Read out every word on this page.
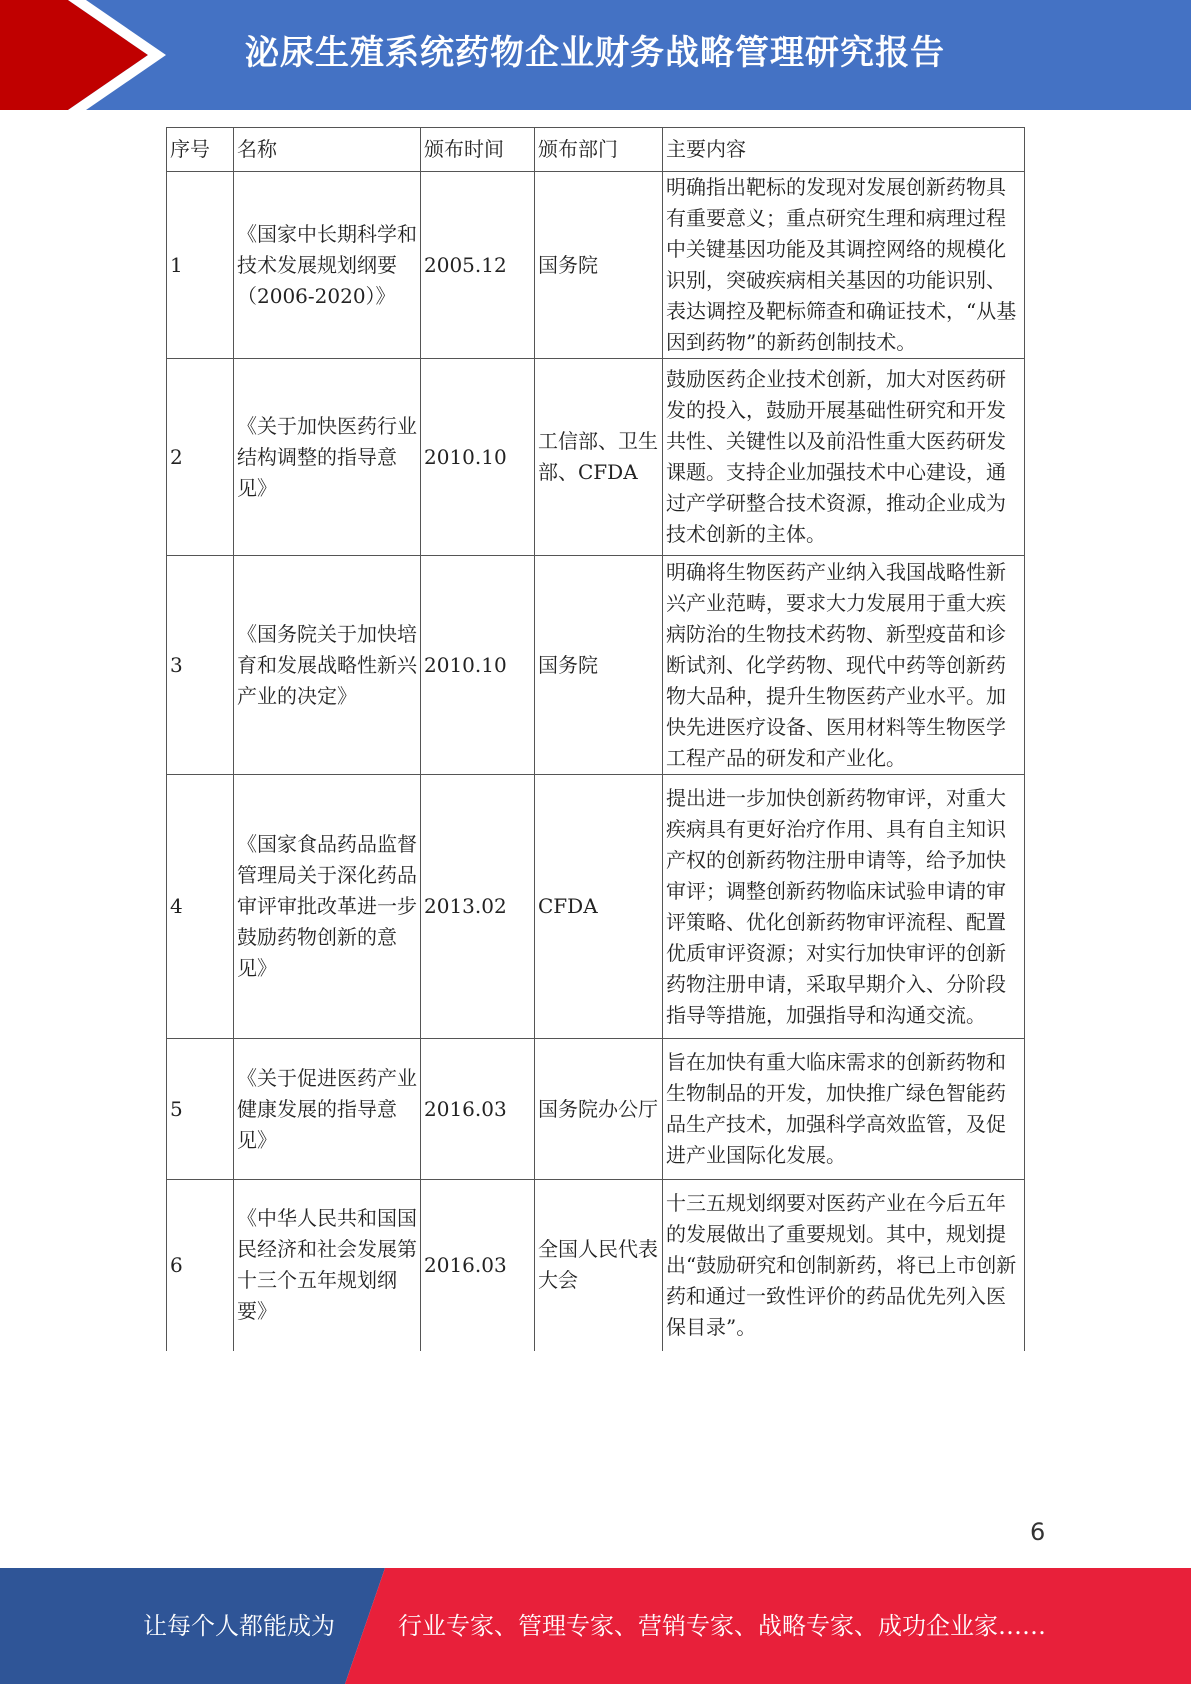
泌尿生殖系统药物企业财务战略管理研究报告
序号	名称	颁布时间	颁布部门	主要内容
1	《国家中长期科学和技术发展规划纲要（2006-2020）》	2005.12	国务院	明确指出靶标的发现对发展创新药物具有重要意义；重点研究生理和病理过程中关键基因功能及其调控网络的规模化识别，突破疾病相关基因的功能识别、表达调控及靶标筛查和确证技术，“从基因到药物”的新药创制技术。
2	《关于加快医药行业结构调整的指导意见》	2010.10	工信部、卫生部、CFDA	鼓励医药企业技术创新，加大对医药研发的投入，鼓励开展基础性研究和开发共性、关键性以及前沿性重大医药研发课题。支持企业加强技术中心建设，通过产学研整合技术资源，推动企业成为技术创新的主体。
3	《国务院关于加快培育和发展战略性新兴产业的决定》	2010.10	国务院	明确将生物医药产业纳入我国战略性新兴产业范畴，要求大力发展用于重大疾病防治的生物技术药物、新型疫苗和诊断试剂、化学药物、现代中药等创新药物大品种，提升生物医药产业水平。加快先进医疗设备、医用材料等生物医学工程产品的研发和产业化。
4	《国家食品药品监督管理局关于深化药品审评审批改革进一步鼓励药物创新的意见》	2013.02	CFDA	提出进一步加快创新药物审评，对重大疾病具有更好治疗作用、具有自主知识产权的创新药物注册申请等，给予加快审评；调整创新药物临床试验申请的审评策略、优化创新药物审评流程、配置优质审评资源；对实行加快审评的创新药物注册申请，采取早期介入、分阶段指导等措施，加强指导和沟通交流。
5	《关于促进医药产业健康发展的指导意见》	2016.03	国务院办公厅	旨在加快有重大临床需求的创新药物和生物制品的开发，加快推广绿色智能药品生产技术，加强科学高效监管，及促进产业国际化发展。
6	《中华人民共和国国民经济和社会发展第十三个五年规划纲要》	2016.03	全国人民代表大会	十三五规划纲要对医药产业在今后五年的发展做出了重要规划。其中，规划提出“鼓励研究和创制新药，将已上市创新药和通过一致性评价的药品优先列入医保目录”。
6
让每个人都能成为	行业专家、管理专家、营销专家、战略专家、成功企业家……
